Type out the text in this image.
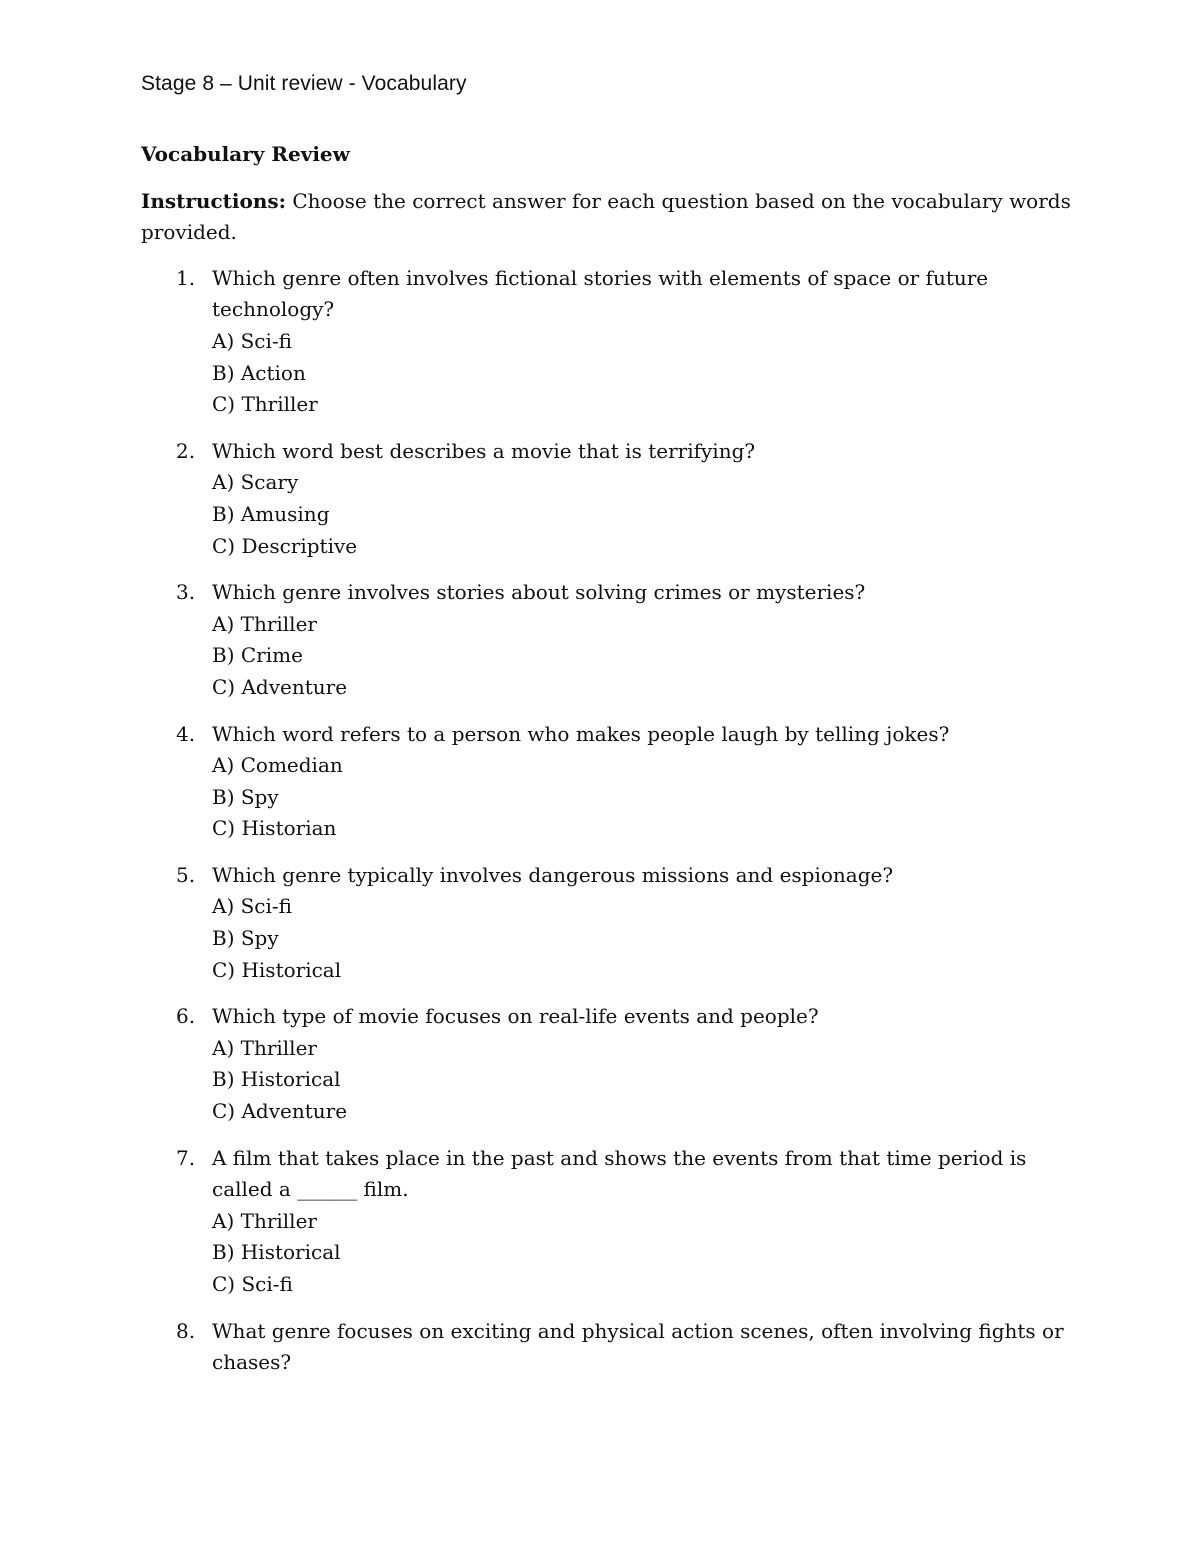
Stage 8 – Unit review - Vocabulary
Vocabulary Review
Instructions: Choose the correct answer for each question based on the vocabulary words provided.
1. Which genre often involves fictional stories with elements of space or future technology?
A) Sci-fi
B) Action
C) Thriller
2. Which word best describes a movie that is terrifying?
A) Scary
B) Amusing
C) Descriptive
3. Which genre involves stories about solving crimes or mysteries?
A) Thriller
B) Crime
C) Adventure
4. Which word refers to a person who makes people laugh by telling jokes?
A) Comedian
B) Spy
C) Historian
5. Which genre typically involves dangerous missions and espionage?
A) Sci-fi
B) Spy
C) Historical
6. Which type of movie focuses on real-life events and people?
A) Thriller
B) Historical
C) Adventure
7. A film that takes place in the past and shows the events from that time period is called a ______ film.
A) Thriller
B) Historical
C) Sci-fi
8. What genre focuses on exciting and physical action scenes, often involving fights or chases?
